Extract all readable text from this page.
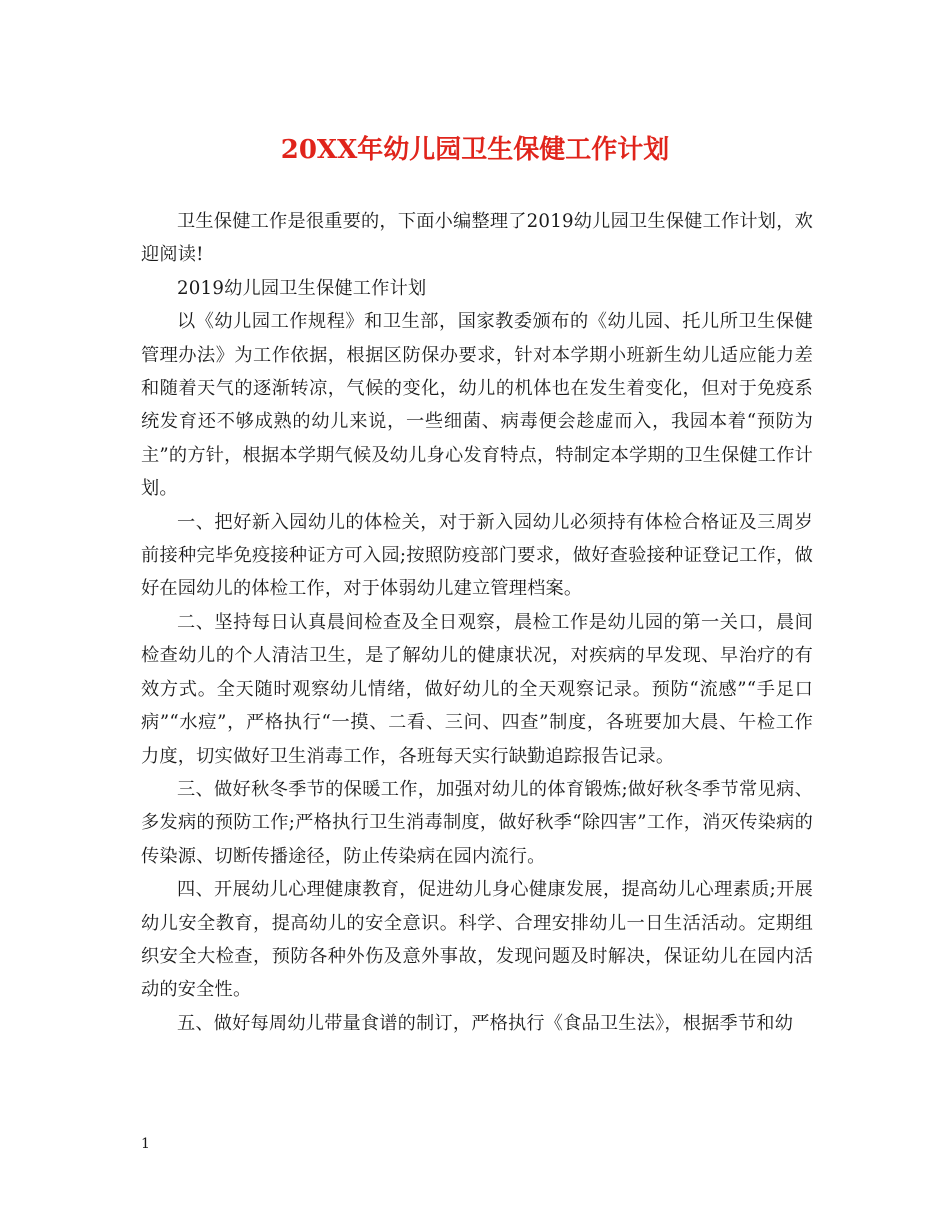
20XX年幼儿园卫生保健工作计划

卫生保健工作是很重要的，下面小编整理了2019幼儿园卫生保健工作计划，欢迎阅读!

2019幼儿园卫生保健工作计划

以《幼儿园工作规程》和卫生部，国家教委颁布的《幼儿园、托儿所卫生保健管理办法》为工作依据，根据区防保办要求，针对本学期小班新生幼儿适应能力差和随着天气的逐渐转凉，气候的变化，幼儿的机体也在发生着变化，但对于免疫系统发育还不够成熟的幼儿来说，一些细菌、病毒便会趁虚而入，我园本着“预防为主”的方针，根据本学期气候及幼儿身心发育特点，特制定本学期的卫生保健工作计划。

一、把好新入园幼儿的体检关，对于新入园幼儿必须持有体检合格证及三周岁前接种完毕免疫接种证方可入园;按照防疫部门要求，做好查验接种证登记工作，做好在园幼儿的体检工作，对于体弱幼儿建立管理档案。

二、坚持每日认真晨间检查及全日观察，晨检工作是幼儿园的第一关口，晨间检查幼儿的个人清洁卫生，是了解幼儿的健康状况，对疾病的早发现、早治疗的有效方式。全天随时观察幼儿情绪，做好幼儿的全天观察记录。预防“流感”“手足口病”“水痘”，严格执行“一摸、二看、三问、四查”制度，各班要加大晨、午检工作力度，切实做好卫生消毒工作，各班每天实行缺勤追踪报告记录。

三、做好秋冬季节的保暖工作，加强对幼儿的体育锻炼;做好秋冬季节常见病、多发病的预防工作;严格执行卫生消毒制度，做好秋季“除四害”工作，消灭传染病的传染源、切断传播途径，防止传染病在园内流行。

四、开展幼儿心理健康教育，促进幼儿身心健康发展，提高幼儿心理素质;开展幼儿安全教育，提高幼儿的安全意识。科学、合理安排幼儿一日生活活动。定期组织安全大检查，预防各种外伤及意外事故，发现问题及时解决，保证幼儿在园内活动的安全性。

五、做好每周幼儿带量食谱的制订，严格执行《食品卫生法》，根据季节和幼

1
